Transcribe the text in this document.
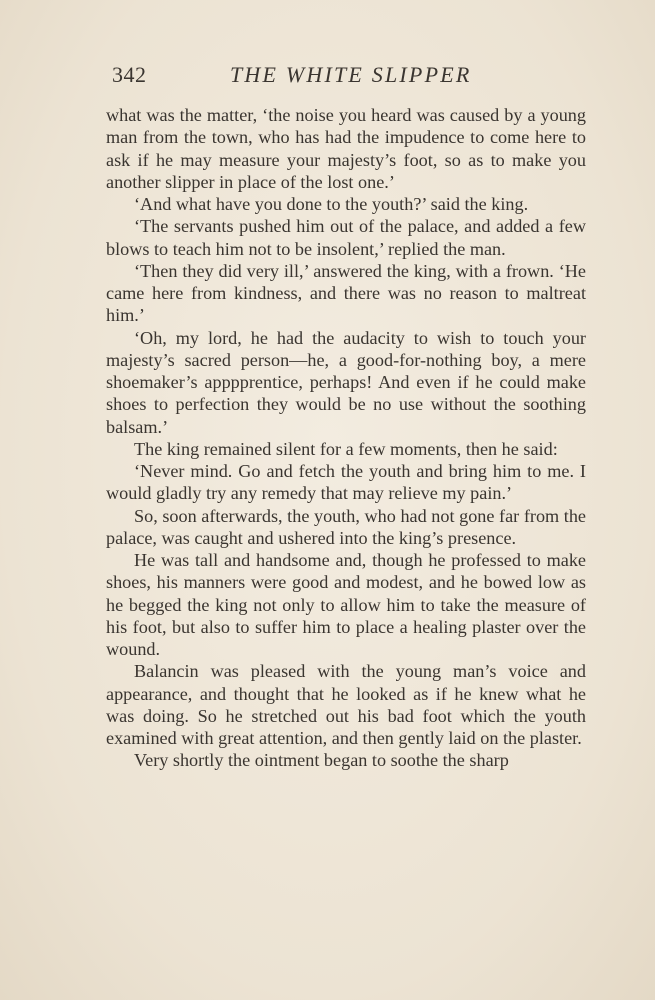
342	THE WHITE SLIPPER

what was the matter, ‘the noise you heard was caused by a young man from the town, who has had the impudence to come here to ask if he may measure your majesty’s foot, so as to make you another slipper in place of the lost one.’

‘And what have you done to the youth?’ said the king.

‘The servants pushed him out of the palace, and added a few blows to teach him not to be insolent,’ replied the man.

‘Then they did very ill,’ answered the king, with a frown. ‘He came here from kindness, and there was no reason to maltreat him.’

‘Oh, my lord, he had the audacity to wish to touch your majesty’s sacred person—he, a good-for-nothing boy, a mere shoemaker’s apppprentice, perhaps! And even if he could make shoes to perfection they would be no use without the soothing balsam.’

The king remained silent for a few moments, then he said:

‘Never mind. Go and fetch the youth and bring him to me. I would gladly try any remedy that may relieve my pain.’

So, soon afterwards, the youth, who had not gone far from the palace, was caught and ushered into the king’s presence.

He was tall and handsome and, though he professed to make shoes, his manners were good and modest, and he bowed low as he begged the king not only to allow him to take the measure of his foot, but also to suffer him to place a healing plaster over the wound.

Balancin was pleased with the young man’s voice and appearance, and thought that he looked as if he knew what he was doing. So he stretched out his bad foot which the youth examined with great attention, and then gently laid on the plaster.

Very shortly the ointment began to soothe the sharp
